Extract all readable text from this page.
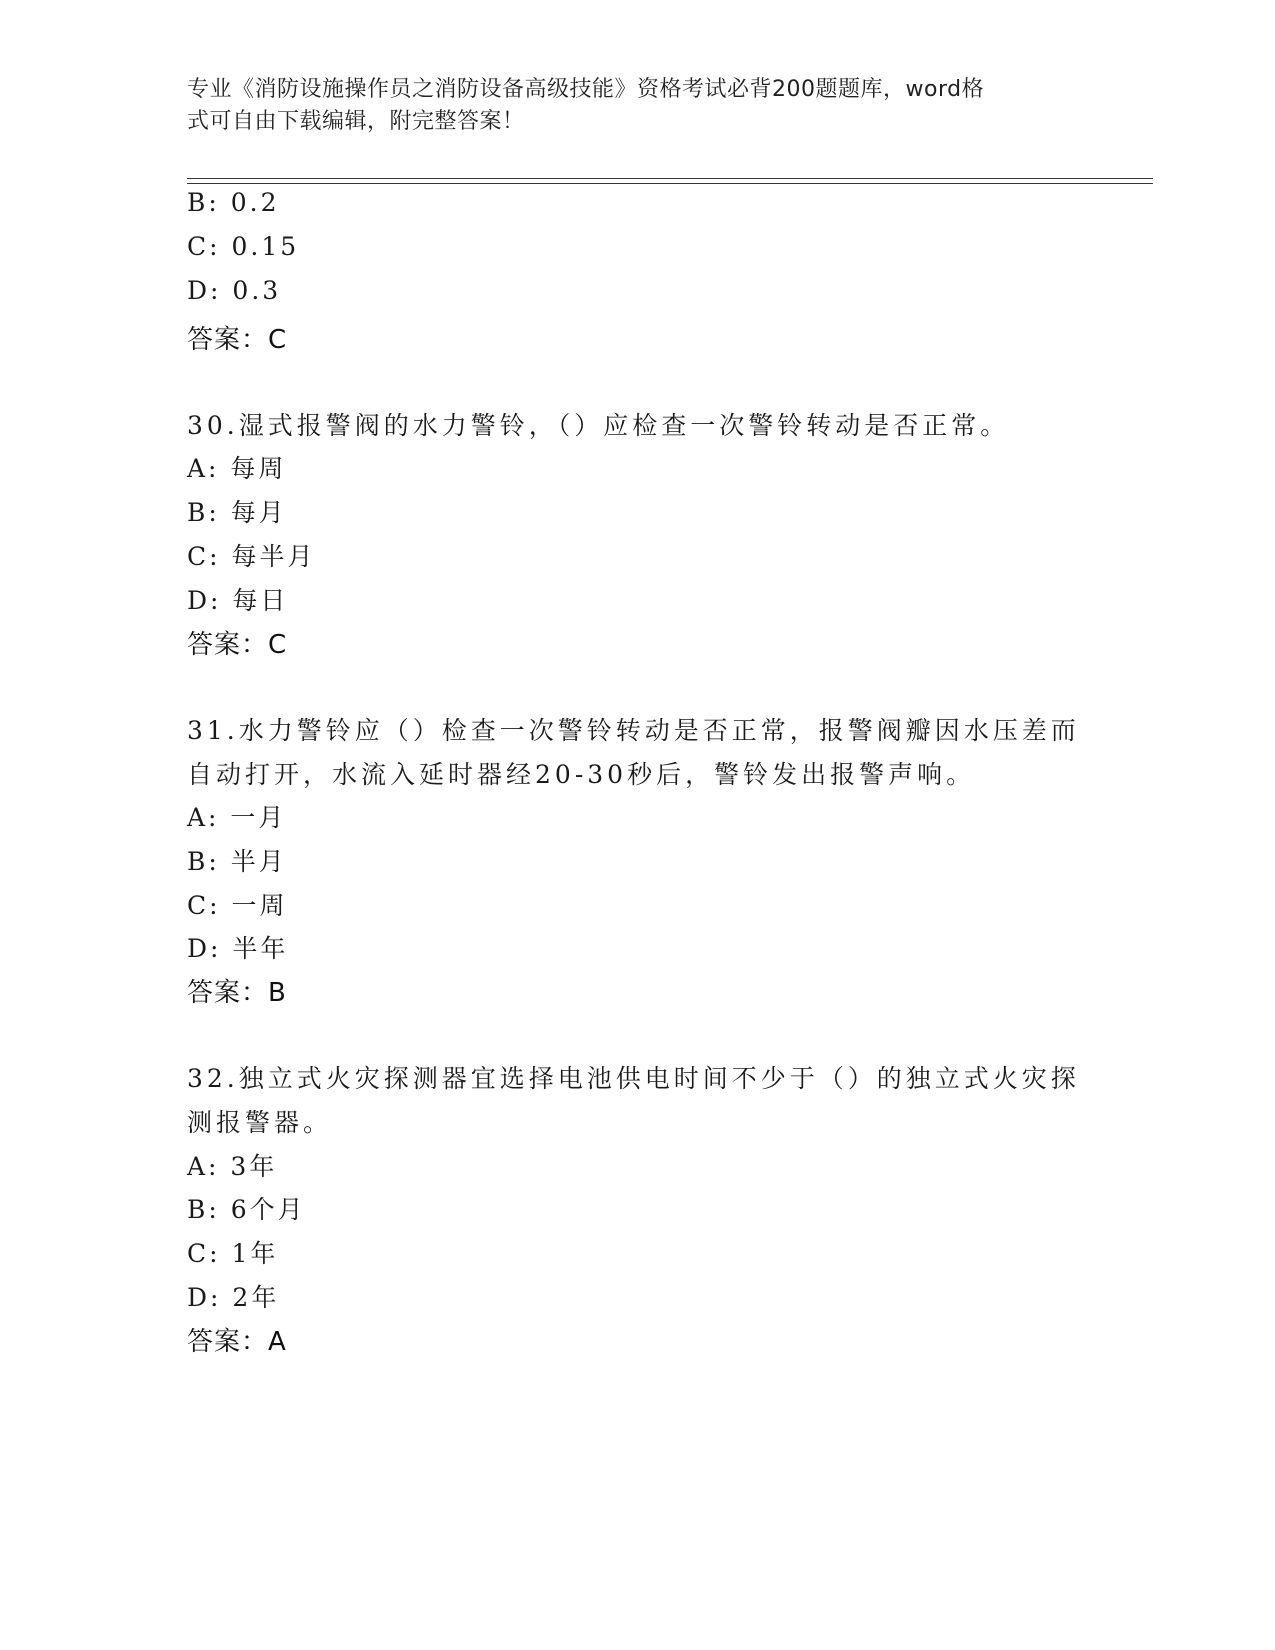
专业《消防设施操作员之消防设备高级技能》资格考试必背200题题库，word格
式可自由下载编辑，附完整答案！
B: 0.2
C: 0.15
D: 0.3
答案：C
30.湿式报警阀的水力警铃，（）应检查一次警铃转动是否正常。
A: 每周
B: 每月
C: 每半月
D: 每日
答案：C
31.水力警铃应（）检查一次警铃转动是否正常，报警阀瓣因水压差而
自动打开，水流入延时器经20-30秒后，警铃发出报警声响。
A: 一月
B: 半月
C: 一周
D: 半年
答案：B
32.独立式火灾探测器宜选择电池供电时间不少于（）的独立式火灾探
测报警器。
A: 3年
B: 6个月
C: 1年
D: 2年
答案：A
